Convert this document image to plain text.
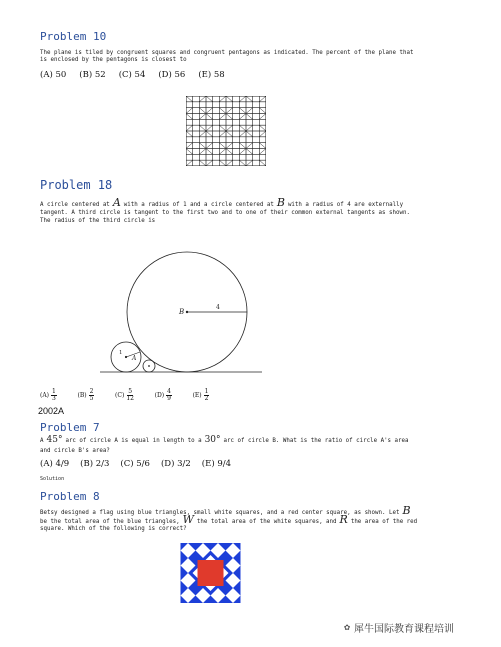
Problem 10
The plane is tiled by congruent squares and congruent pentagons as indicated. The percent of the plane that
is enclosed by the pentagons is closest to
(A) 50 (B) 52 (C) 54 (D) 56 (E) 58
Problem 18
A circle centered at A with a radius of 1 and a circle centered at B with a radius of 4 are externally
tangent. A third circle is tangent to the first two and to one of their common external tangents as shown.
The radius of the third circle is
4
B
1
A
$(A) \frac{1}{3}$	$(B) \frac{2}{5}$	$(C) \frac{5}{12}$	$(D) \frac{4}{9}$	$(E) \frac{1}{2}$
2002A
Problem 7
A 45° arc of circle A is equal in length to a 30° arc of circle B. What is the ratio of circle A's area
and circle B's area?
(A) 4/9 (B) 2/3 (C) 5/6 (D) 3/2 (E) 9/4
Solution
Problem 8
Betsy designed a flag using blue triangles, small white squares, and a red center square, as shown. Let B
be the total area of the blue triangles, W the total area of the white squares, and R the area of the red
square. Which of the following is correct?
✿ 犀牛国际教育课程培训
